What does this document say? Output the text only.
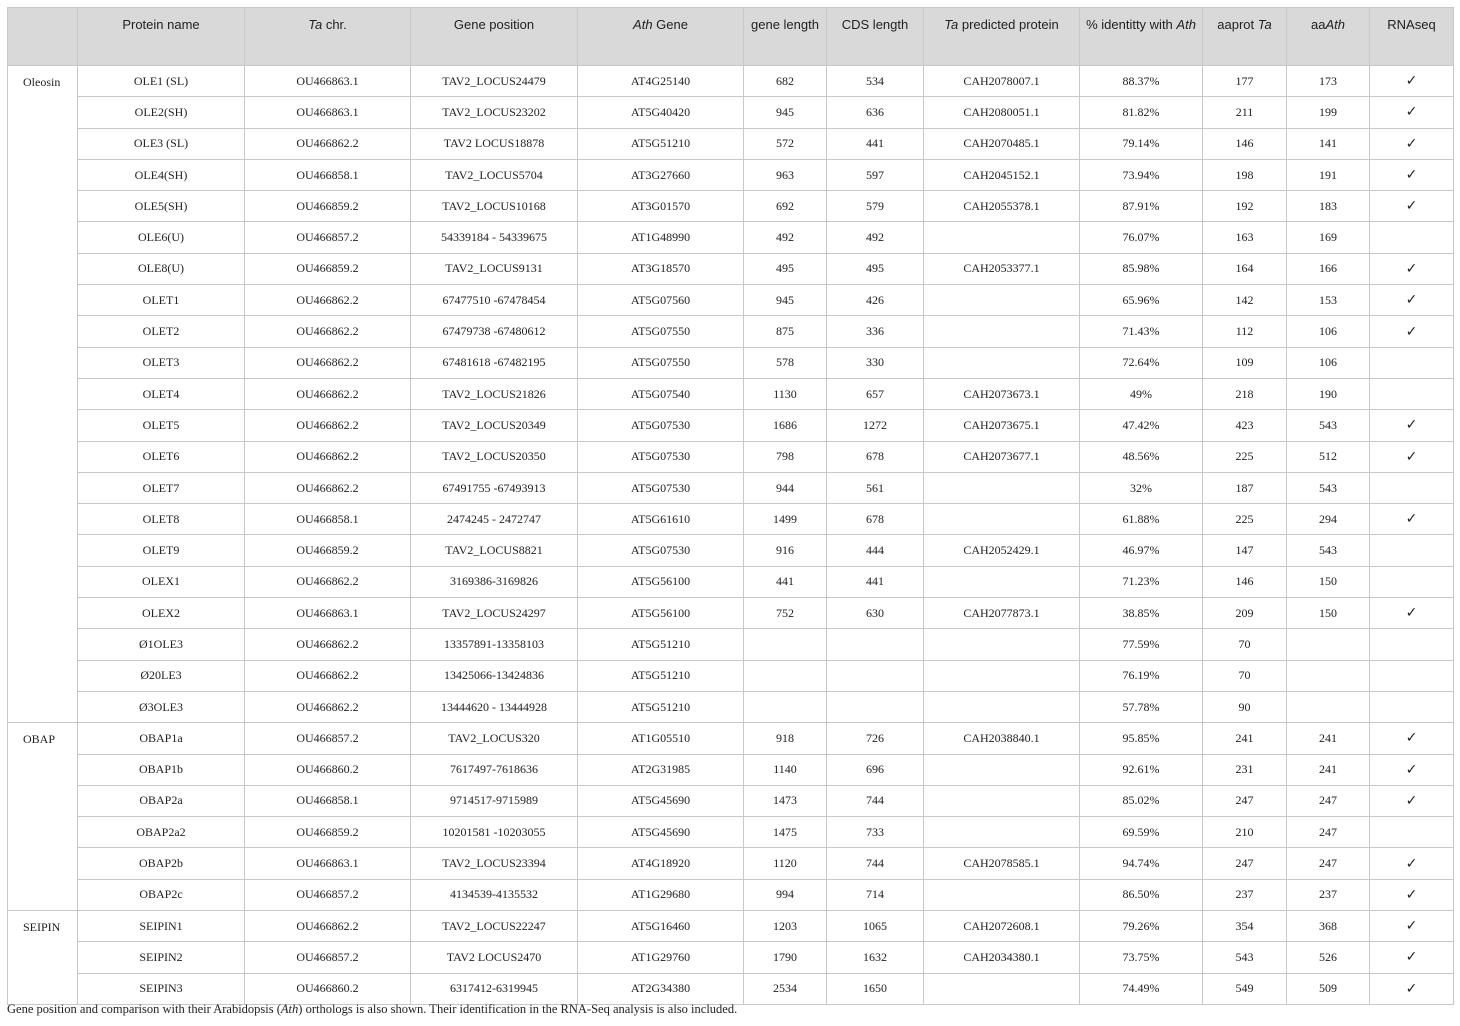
	Protein name	Ta chr.	Gene position	Ath Gene	gene length	CDS length	Ta predicted protein	% identitty with Ath	aaprot Ta	aaAth	RNAseq
Oleosin	OLE1 (SL)	OU466863.1	TAV2_LOCUS24479	AT4G25140	682	534	CAH2078007.1	88.37%	177	173	✓
	OLE2(SH)	OU466863.1	TAV2_LOCUS23202	AT5G40420	945	636	CAH2080051.1	81.82%	211	199	✓
	OLE3 (SL)	OU466862.2	TAV2 LOCUS18878	AT5G51210	572	441	CAH2070485.1	79.14%	146	141	✓
	OLE4(SH)	OU466858.1	TAV2_LOCUS5704	AT3G27660	963	597	CAH2045152.1	73.94%	198	191	✓
	OLE5(SH)	OU466859.2	TAV2_LOCUS10168	AT3G01570	692	579	CAH2055378.1	87.91%	192	183	✓
	OLE6(U)	OU466857.2	54339184 - 54339675	AT1G48990	492	492		76.07%	163	169	
	OLE8(U)	OU466859.2	TAV2_LOCUS9131	AT3G18570	495	495	CAH2053377.1	85.98%	164	166	✓
	OLET1	OU466862.2	67477510 -67478454	AT5G07560	945	426		65.96%	142	153	✓
	OLET2	OU466862.2	67479738 -67480612	AT5G07550	875	336		71.43%	112	106	✓
	OLET3	OU466862.2	67481618 -67482195	AT5G07550	578	330		72.64%	109	106	
	OLET4	OU466862.2	TAV2_LOCUS21826	AT5G07540	1130	657	CAH2073673.1	49%	218	190	
	OLET5	OU466862.2	TAV2_LOCUS20349	AT5G07530	1686	1272	CAH2073675.1	47.42%	423	543	✓
	OLET6	OU466862.2	TAV2_LOCUS20350	AT5G07530	798	678	CAH2073677.1	48.56%	225	512	✓
	OLET7	OU466862.2	67491755 -67493913	AT5G07530	944	561		32%	187	543	
	OLET8	OU466858.1	2474245 - 2472747	AT5G61610	1499	678		61.88%	225	294	✓
	OLET9	OU466859.2	TAV2_LOCUS8821	AT5G07530	916	444	CAH2052429.1	46.97%	147	543	
	OLEX1	OU466862.2	3169386-3169826	AT5G56100	441	441		71.23%	146	150	
	OLEX2	OU466863.1	TAV2_LOCUS24297	AT5G56100	752	630	CAH2077873.1	38.85%	209	150	✓
	Ø1OLE3	OU466862.2	13357891-13358103	AT5G51210				77.59%	70		
	Ø20LE3	OU466862.2	13425066-13424836	AT5G51210				76.19%	70		
	Ø3OLE3	OU466862.2	13444620 - 13444928	AT5G51210				57.78%	90		
OBAP	OBAP1a	OU466857.2	TAV2_LOCUS320	AT1G05510	918	726	CAH2038840.1	95.85%	241	241	✓
	OBAP1b	OU466860.2	7617497-7618636	AT2G31985	1140	696		92.61%	231	241	✓
	OBAP2a	OU466858.1	9714517-9715989	AT5G45690	1473	744		85.02%	247	247	✓
	OBAP2a2	OU466859.2	10201581 -10203055	AT5G45690	1475	733		69.59%	210	247	
	OBAP2b	OU466863.1	TAV2_LOCUS23394	AT4G18920	1120	744	CAH2078585.1	94.74%	247	247	✓
	OBAP2c	OU466857.2	4134539-4135532	AT1G29680	994	714		86.50%	237	237	✓
SEIPIN	SEIPIN1	OU466862.2	TAV2_LOCUS22247	AT5G16460	1203	1065	CAH2072608.1	79.26%	354	368	✓
	SEIPIN2	OU466857.2	TAV2 LOCUS2470	AT1G29760	1790	1632	CAH2034380.1	73.75%	543	526	✓
	SEIPIN3	OU466860.2	6317412-6319945	AT2G34380	2534	1650		74.49%	549	509	✓
Gene position and comparison with their Arabidopsis (Ath) orthologs is also shown. Their identification in the RNA-Seq analysis is also included.
